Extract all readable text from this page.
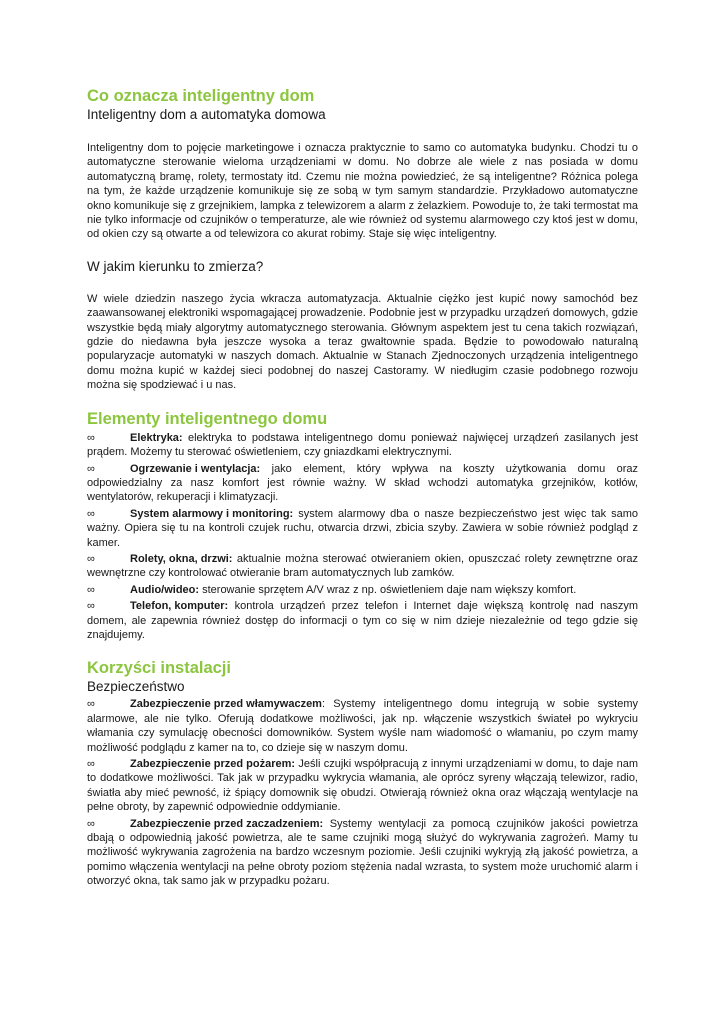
Co oznacza inteligentny dom
Inteligentny dom a automatyka domowa

Inteligentny dom to pojęcie marketingowe i oznacza praktycznie to samo co automatyka budynku. Chodzi tu o automatyczne sterowanie wieloma urządzeniami w domu. No dobrze ale wiele z nas posiada w domu automatyczną bramę, rolety, termostaty itd. Czemu nie można powiedzieć, że są inteligentne? Różnica polega na tym, że każde urządzenie komunikuje się ze sobą w tym samym standardzie. Przykładowo automatyczne okno komunikuje się z grzejnikiem, lampka z telewizorem a alarm z żelazkiem. Powoduje to, że taki termostat ma nie tylko informacje od czujników o temperaturze, ale wie również od systemu alarmowego czy ktoś jest w domu, od okien czy są otwarte a od telewizora co akurat robimy. Staje się więc inteligentny.

W jakim kierunku to zmierza?

W wiele dziedzin naszego życia wkracza automatyzacja. Aktualnie ciężko jest kupić nowy samochód bez zaawansowanej elektroniki wspomagającej prowadzenie. Podobnie jest w przypadku urządzeń domowych, gdzie wszystkie będą miały algorytmy automatycznego sterowania. Głównym aspektem jest tu cena takich rozwiązań, gdzie do niedawna była jeszcze wysoka a teraz gwałtownie spada. Będzie to powodowało naturalną popularyzacje automatyki w naszych domach. Aktualnie w Stanach Zjednoczonych urządzenia inteligentnego domu można kupić w każdej sieci podobnej do naszej Castoramy. W niedługim czasie podobnego rozwoju można się spodziewać i u nas.

Elementy inteligentnego domu
∞	Elektryka: elektryka to podstawa inteligentnego domu ponieważ najwięcej urządzeń zasilanych jest prądem. Możemy tu sterować oświetleniem, czy gniazdkami elektrycznymi.
∞	Ogrzewanie i wentylacja: jako element, który wpływa na koszty użytkowania domu oraz odpowiedzialny za nasz komfort jest równie ważny. W skład wchodzi automatyka grzejników, kotłów, wentylatorów, rekuperacji i klimatyzacji.
∞	System alarmowy i monitoring: system alarmowy dba o nasze bezpieczeństwo jest więc tak samo ważny. Opiera się tu na kontroli czujek ruchu, otwarcia drzwi, zbicia szyby. Zawiera w sobie również podgląd z kamer.
∞	Rolety, okna, drzwi: aktualnie można sterować otwieraniem okien, opuszczać rolety zewnętrzne oraz wewnętrzne czy kontrolować otwieranie bram automatycznych lub zamków.
∞	Audio/wideo: sterowanie sprzętem A/V wraz z np. oświetleniem daje nam większy komfort.
∞	Telefon, komputer: kontrola urządzeń przez telefon i Internet daje większą kontrolę nad naszym domem, ale zapewnia również dostęp do informacji o tym co się w nim dzieje niezależnie od tego gdzie się znajdujemy.
Korzyści instalacji
Bezpieczeństwo
∞	Zabezpieczenie przed włamywaczem: Systemy inteligentnego domu integrują w sobie systemy alarmowe, ale nie tylko. Oferują dodatkowe możliwości, jak np. włączenie wszystkich świateł po wykryciu włamania czy symulację obecności domowników. System wyśle nam wiadomość o włamaniu, po czym mamy możliwość podglądu z kamer na to, co dzieje się w naszym domu.
∞	Zabezpieczenie przed pożarem: Jeśli czujki współpracują z innymi urządzeniami w domu, to daje nam to dodatkowe możliwości. Tak jak w przypadku wykrycia włamania, ale oprócz syreny włączają telewizor, radio, światła aby mieć pewność, iż śpiący domownik się obudzi. Otwierają również okna oraz włączają wentylacje na pełne obroty, by zapewnić odpowiednie oddymianie.
∞	Zabezpieczenie przed zaczadzeniem: Systemy wentylacji za pomocą czujników jakości powietrza dbają o odpowiednią jakość powietrza, ale te same czujniki mogą służyć do wykrywania zagrożeń. Mamy tu możliwość wykrywania zagrożenia na bardzo wczesnym poziomie. Jeśli czujniki wykryją złą jakość powietrza, a pomimo włączenia wentylacji na pełne obroty poziom stężenia nadal wzrasta, to system może uruchomić alarm i otworzyć okna, tak samo jak w przypadku pożaru.
